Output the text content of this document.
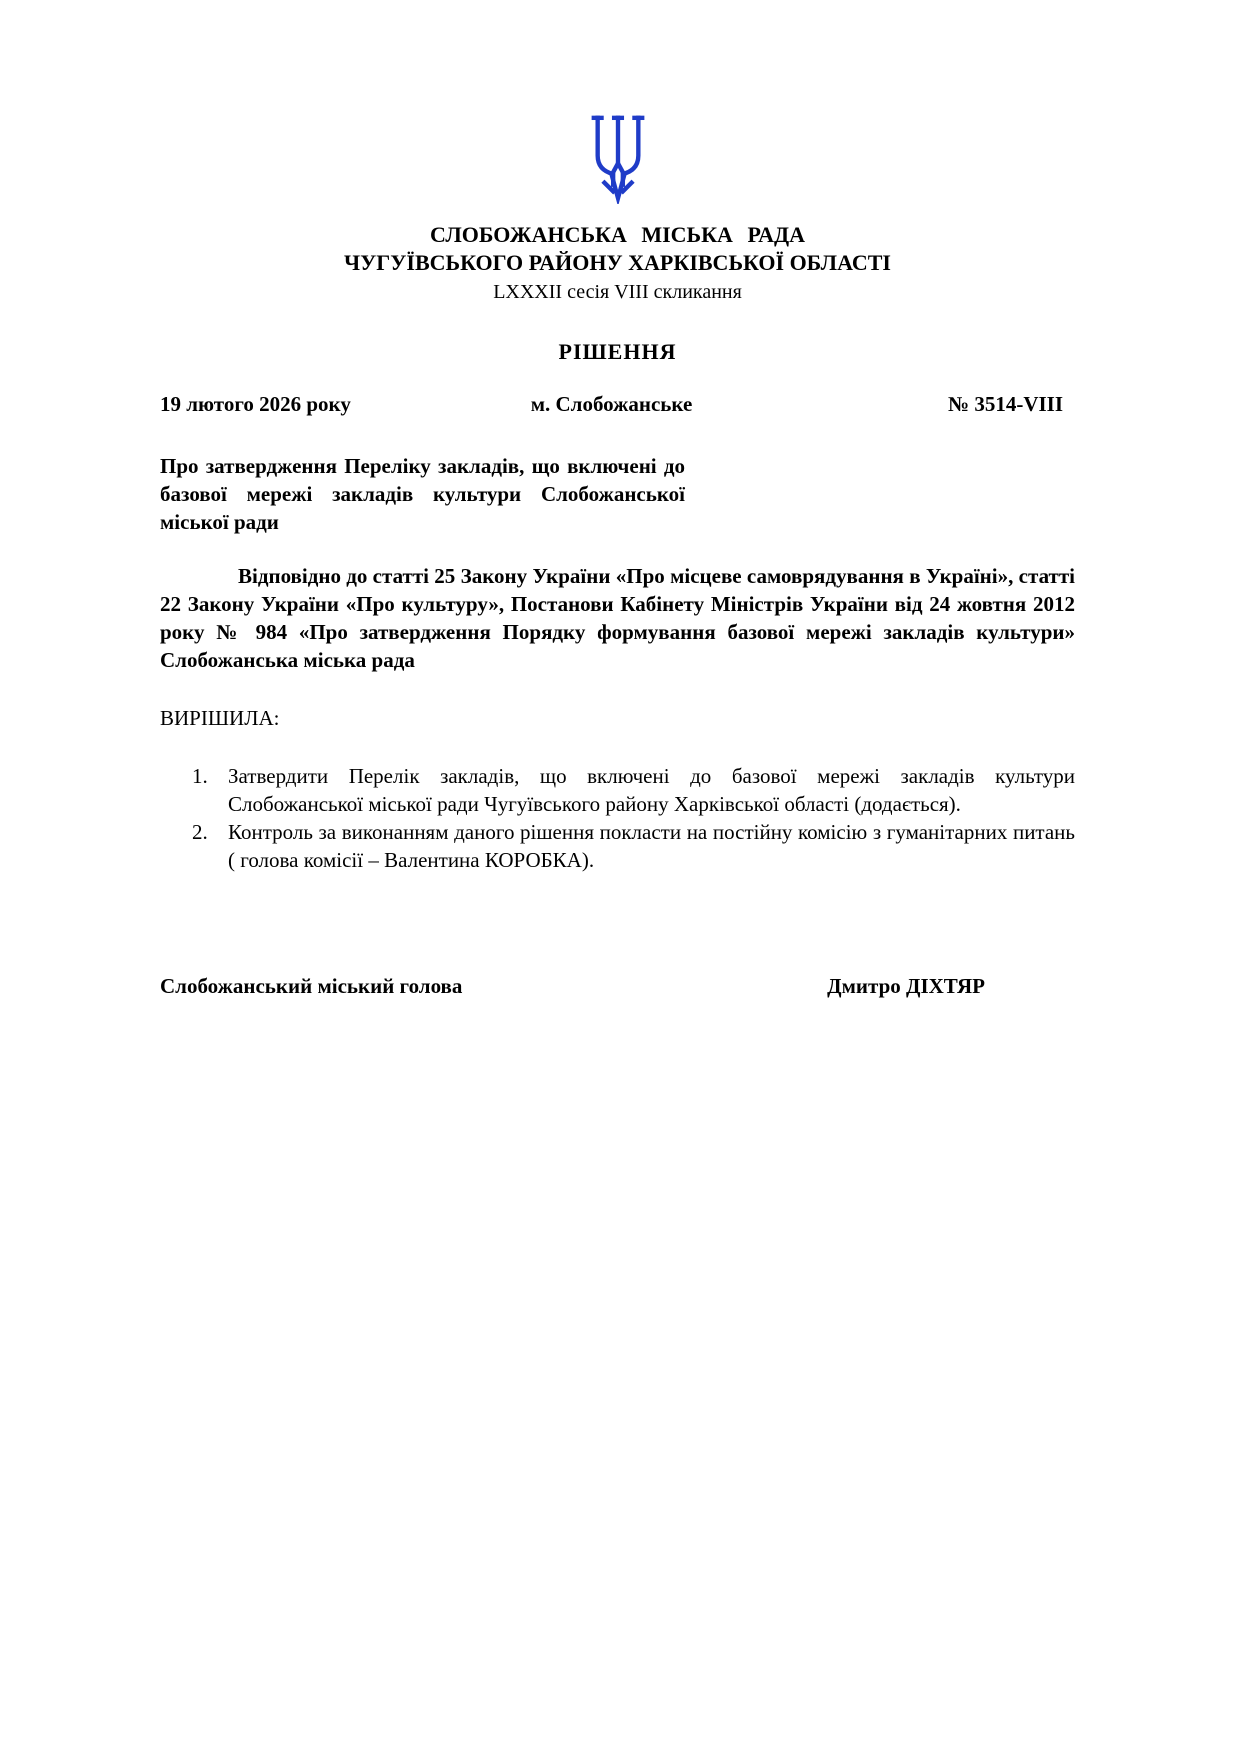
СЛОБОЖАНСЬКА МІСЬКА РАДА
ЧУГУЇВСЬКОГО РАЙОНУ ХАРКІВСЬКОЇ ОБЛАСТІ
LXXXII сесія VIII скликання
РІШЕННЯ
19 лютого 2026 року	м. Слобожанське	№ 3514-VIII
Про затвердження Переліку закладів, що включені до базової мережі закладів культури Слобожанської міської ради
Відповідно до статті 25 Закону України «Про місцеве самоврядування в Україні», статті 22 Закону України «Про культуру», Постанови Кабінету Міністрів України від 24 жовтня 2012 року № 984 «Про затвердження Порядку формування базової мережі закладів культури» Слобожанська міська рада
ВИРІШИЛА:
1. Затвердити Перелік закладів, що включені до базової мережі закладів культури Слобожанської міської ради Чугуївського району Харківської області (додається).
2. Контроль за виконанням даного рішення покласти на постійну комісію з гуманітарних питань ( голова комісії – Валентина КОРОБКА).
Слобожанський міський голова	Дмитро ДІХТЯР
